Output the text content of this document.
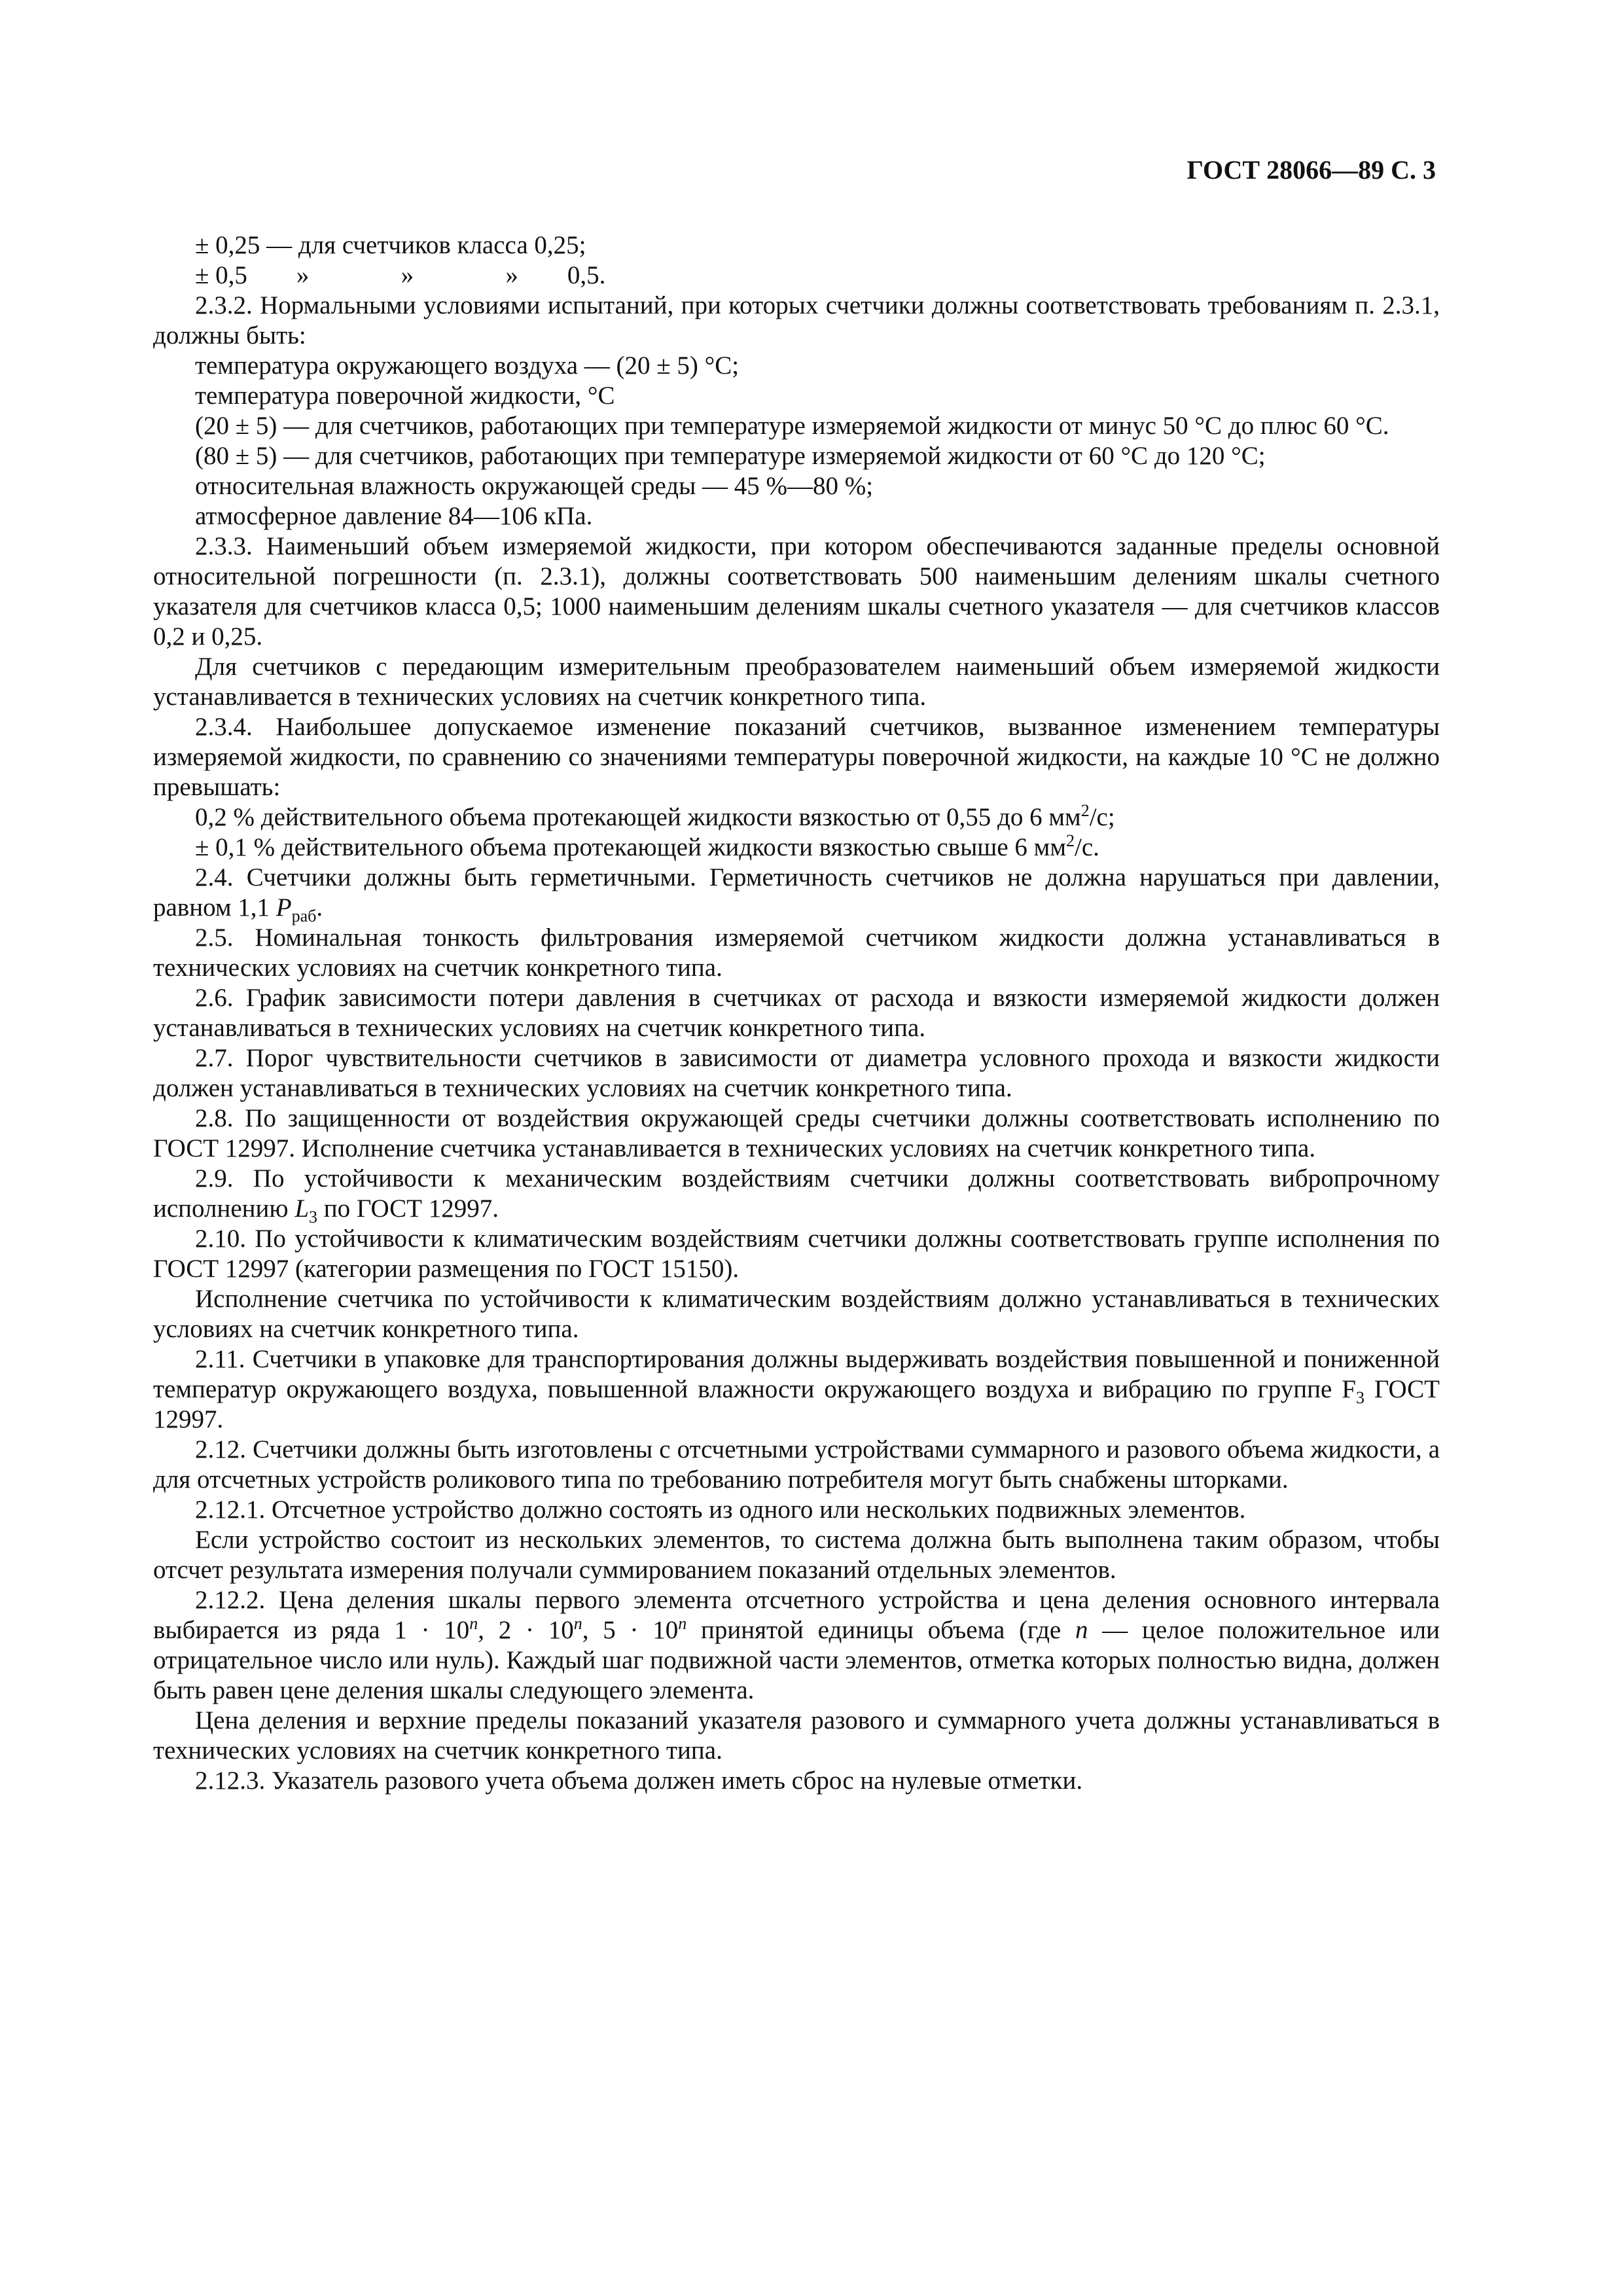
ГОСТ 28066—89 С. 3

± 0,25 — для счетчиков класса 0,25;

± 0,5 »	»	» 0,5.

2.3.2. Нормальными условиями испытаний, при которых счетчики должны соответствовать требованиям п. 2.3.1, должны быть:

температура окружающего воздуха — (20 ± 5) °С;

температура поверочной жидкости, °С

(20 ± 5) — для счетчиков, работающих при температуре измеряемой жидкости от минус 50 °С до плюс 60 °С.

(80 ± 5) — для счетчиков, работающих при температуре измеряемой жидкости от 60 °С до 120 °С;

относительная влажность окружающей среды — 45 %—80 %;

атмосферное давление 84—106 кПа.

2.3.3. Наименьший объем измеряемой жидкости, при котором обеспечиваются заданные пределы основной относительной погрешности (п. 2.3.1), должны соответствовать 500 наименьшим делениям шкалы счетного указателя для счетчиков класса 0,5; 1000 наименьшим делениям шкалы счетного указателя — для счетчиков классов 0,2 и 0,25.

Для счетчиков с передающим измерительным преобразователем наименьший объем измеряемой жидкости устанавливается в технических условиях на счетчик конкретного типа.

2.3.4. Наибольшее допускаемое изменение показаний счетчиков, вызванное изменением температуры измеряемой жидкости, по сравнению со значениями температуры поверочной жидкости, на каждые 10 °С не должно превышать:

0,2 % действительного объема протекающей жидкости вязкостью от 0,55 до 6 $мм^2/с$;

± 0,1 % действительного объема протекающей жидкости вязкостью свыше 6 $мм^2/с$.

2.4. Счетчики должны быть герметичными. Герметичность счетчиков не должна нарушаться при давлении, равном 1,1 $P_{раб}$.

2.5. Номинальная тонкость фильтрования измеряемой счетчиком жидкости должна устанавливаться в технических условиях на счетчик конкретного типа.

2.6. График зависимости потери давления в счетчиках от расхода и вязкости измеряемой жидкости должен устанавливаться в технических условиях на счетчик конкретного типа.

2.7. Порог чувствительности счетчиков в зависимости от диаметра условного прохода и вязкости жидкости должен устанавливаться в технических условиях на счетчик конкретного типа.

2.8. По защищенности от воздействия окружающей среды счетчики должны соответствовать исполнению по ГОСТ 12997. Исполнение счетчика устанавливается в технических условиях на счетчик конкретного типа.

2.9. По устойчивости к механическим воздействиям счетчики должны соответствовать вибропрочному исполнению $L_3$ по ГОСТ 12997.

2.10. По устойчивости к климатическим воздействиям счетчики должны соответствовать группе исполнения по ГОСТ 12997 (категории размещения по ГОСТ 15150).

Исполнение счетчика по устойчивости к климатическим воздействиям должно устанавливаться в технических условиях на счетчик конкретного типа.

2.11. Счетчики в упаковке для транспортирования должны выдерживать воздействия повышенной и пониженной температур окружающего воздуха, повышенной влажности окружающего воздуха и вибрацию по группе $F_3$ ГОСТ 12997.

2.12. Счетчики должны быть изготовлены с отсчетными устройствами суммарного и разового объема жидкости, а для отсчетных устройств роликового типа по требованию потребителя могут быть снабжены шторками.

2.12.1. Отсчетное устройство должно состоять из одного или нескольких подвижных элементов.

Если устройство состоит из нескольких элементов, то система должна быть выполнена таким образом, чтобы отсчет результата измерения получали суммированием показаний отдельных элементов.

2.12.2. Цена деления шкалы первого элемента отсчетного устройства и цена деления основного интервала выбирается из ряда $1 \cdot 10^n$, $2 \cdot 10^n$, $5 \cdot 10^n$ принятой единицы объема (где n — целое положительное или отрицательное число или нуль). Каждый шаг подвижной части элементов, отметка которых полностью видна, должен быть равен цене деления шкалы следующего элемента.

Цена деления и верхние пределы показаний указателя разового и суммарного учета должны устанавливаться в технических условиях на счетчик конкретного типа.

2.12.3. Указатель разового учета объема должен иметь сброс на нулевые отметки.
